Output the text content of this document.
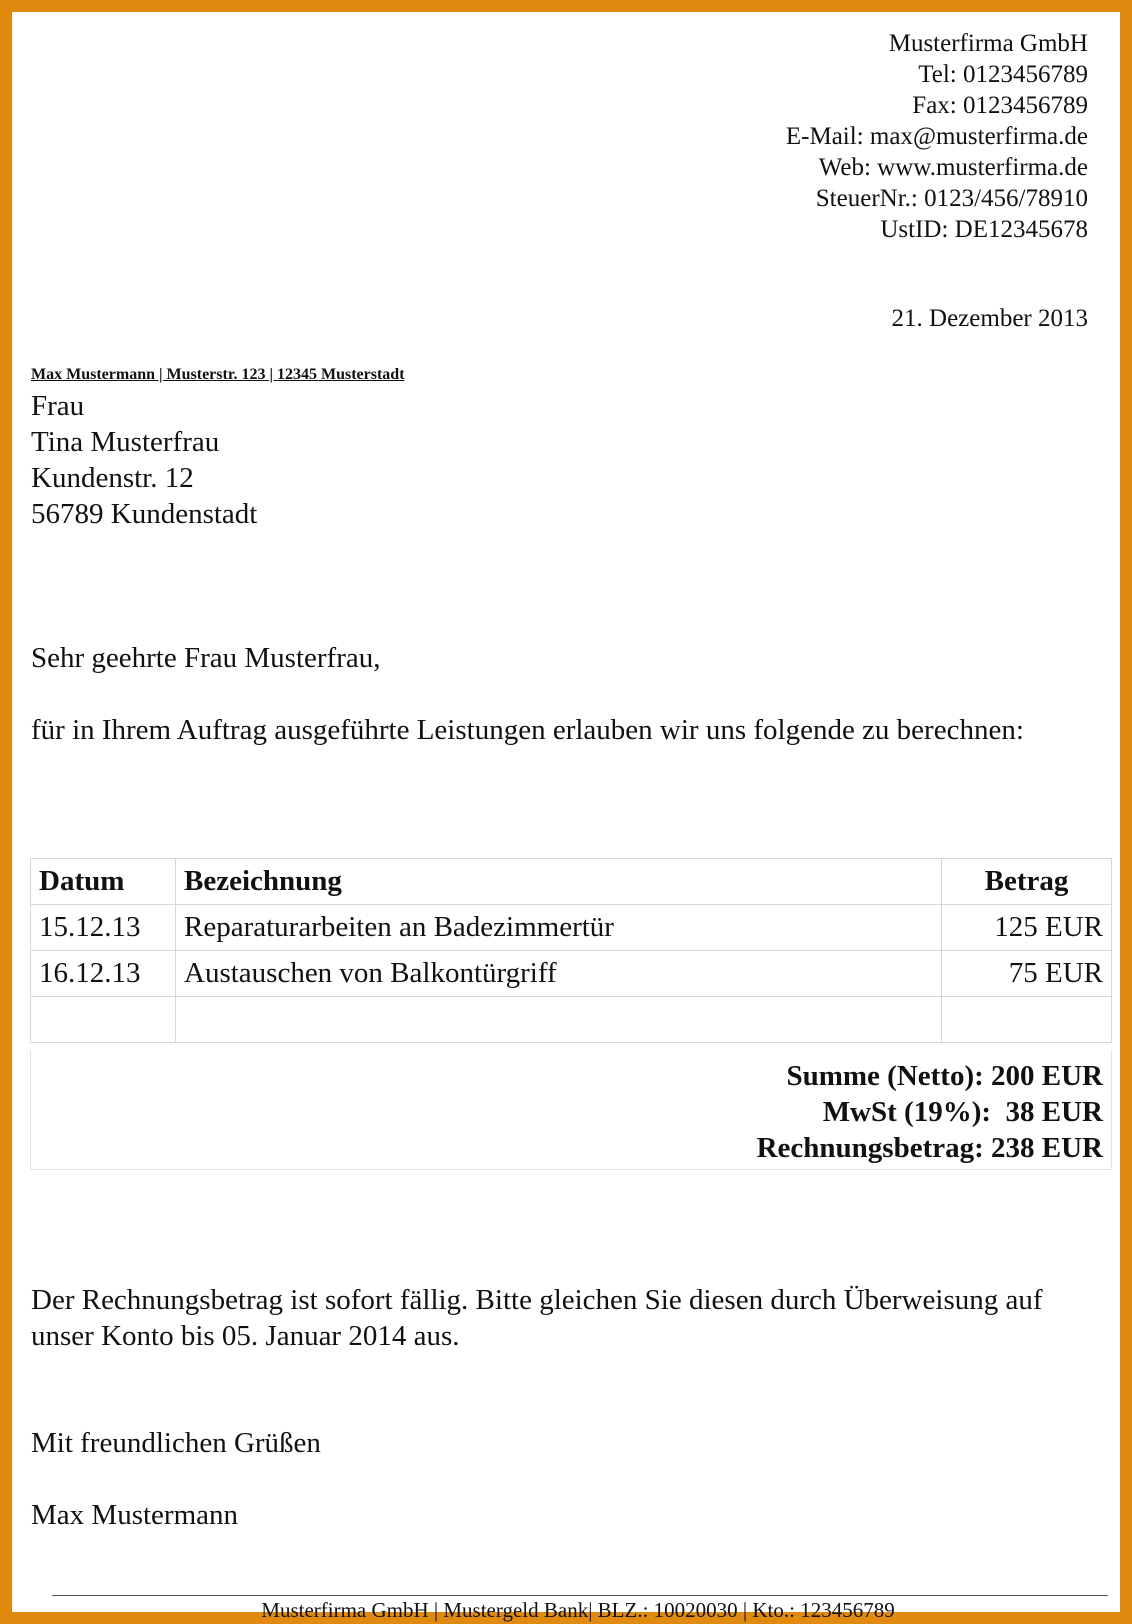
Musterfirma GmbH
Tel: 0123456789
Fax: 0123456789
E-Mail: max@musterfirma.de
Web: www.musterfirma.de
SteuerNr.: 0123/456/78910
UstID: DE12345678
21. Dezember 2013
Max Mustermann | Musterstr. 123 | 12345 Musterstadt
Frau
Tina Musterfrau
Kundenstr. 12
56789 Kundenstadt
Sehr geehrte Frau Musterfrau,
für in Ihrem Auftrag ausgeführte Leistungen erlauben wir uns folgende zu berechnen:
Datum	Bezeichnung	Betrag
15.12.13	Reparaturarbeiten an Badezimmertür	125 EUR
16.12.13	Austauschen von Balkontürgriff	75 EUR

Summe (Netto): 200 EUR
MwSt (19%):  38 EUR
Rechnungsbetrag: 238 EUR
Der Rechnungsbetrag ist sofort fällig. Bitte gleichen Sie diesen durch Überweisung auf unser Konto bis 05. Januar 2014 aus.
Mit freundlichen Grüßen
Max Mustermann
Musterfirma GmbH | Mustergeld Bank| BLZ.: 10020030 | Kto.: 123456789
